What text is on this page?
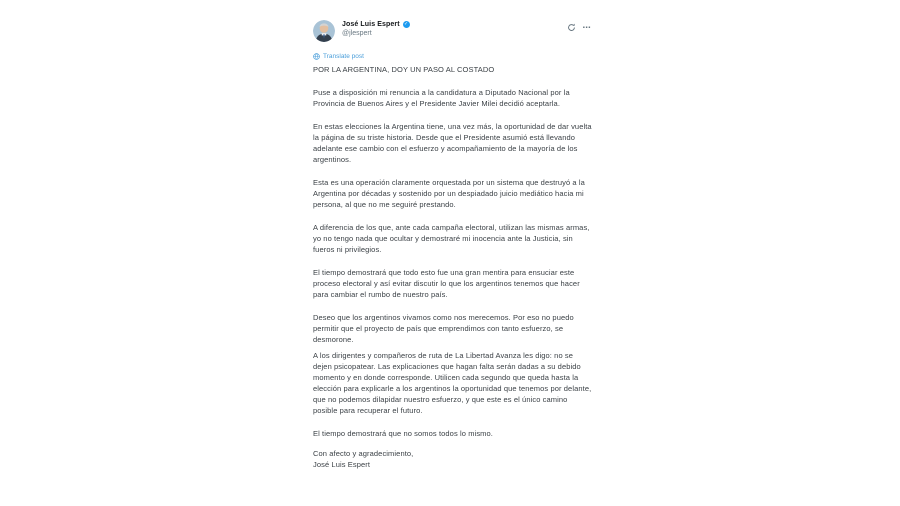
José Luis Espert ✓
@jlespert
⋯
Translate post
POR LA ARGENTINA, DOY UN PASO AL COSTADO

Puse a disposición mi renuncia a la candidatura a Diputado Nacional por la Provincia de Buenos Aires y el Presidente Javier Milei decidió aceptarla.

En estas elecciones la Argentina tiene, una vez más, la oportunidad de dar vuelta la página de su triste historia. Desde que el Presidente asumió está llevando adelante ese cambio con el esfuerzo y acompañamiento de la mayoría de los argentinos.

Esta es una operación claramente orquestada por un sistema que destruyó a la Argentina por décadas y sostenido por un despiadado juicio mediático hacia mi persona, al que no me seguiré prestando.

A diferencia de los que, ante cada campaña electoral, utilizan las mismas armas, yo no tengo nada que ocultar y demostraré mi inocencia ante la Justicia, sin fueros ni privilegios.

El tiempo demostrará que todo esto fue una gran mentira para ensuciar este proceso electoral y así evitar discutir lo que los argentinos tenemos que hacer para cambiar el rumbo de nuestro país.

Deseo que los argentinos vivamos como nos merecemos. Por eso no puedo permitir que el proyecto de país que emprendimos con tanto esfuerzo, se desmorone.

A los dirigentes y compañeros de ruta de La Libertad Avanza les digo: no se dejen psicopatear. Las explicaciones que hagan falta serán dadas a su debido momento y en donde corresponde. Utilicen cada segundo que queda hasta la elección para explicarle a los argentinos la oportunidad que tenemos por delante, que no podemos dilapidar nuestro esfuerzo, y que este es el único camino posible para recuperar el futuro.

El tiempo demostrará que no somos todos lo mismo.

Con afecto y agradecimiento,
José Luis Espert
